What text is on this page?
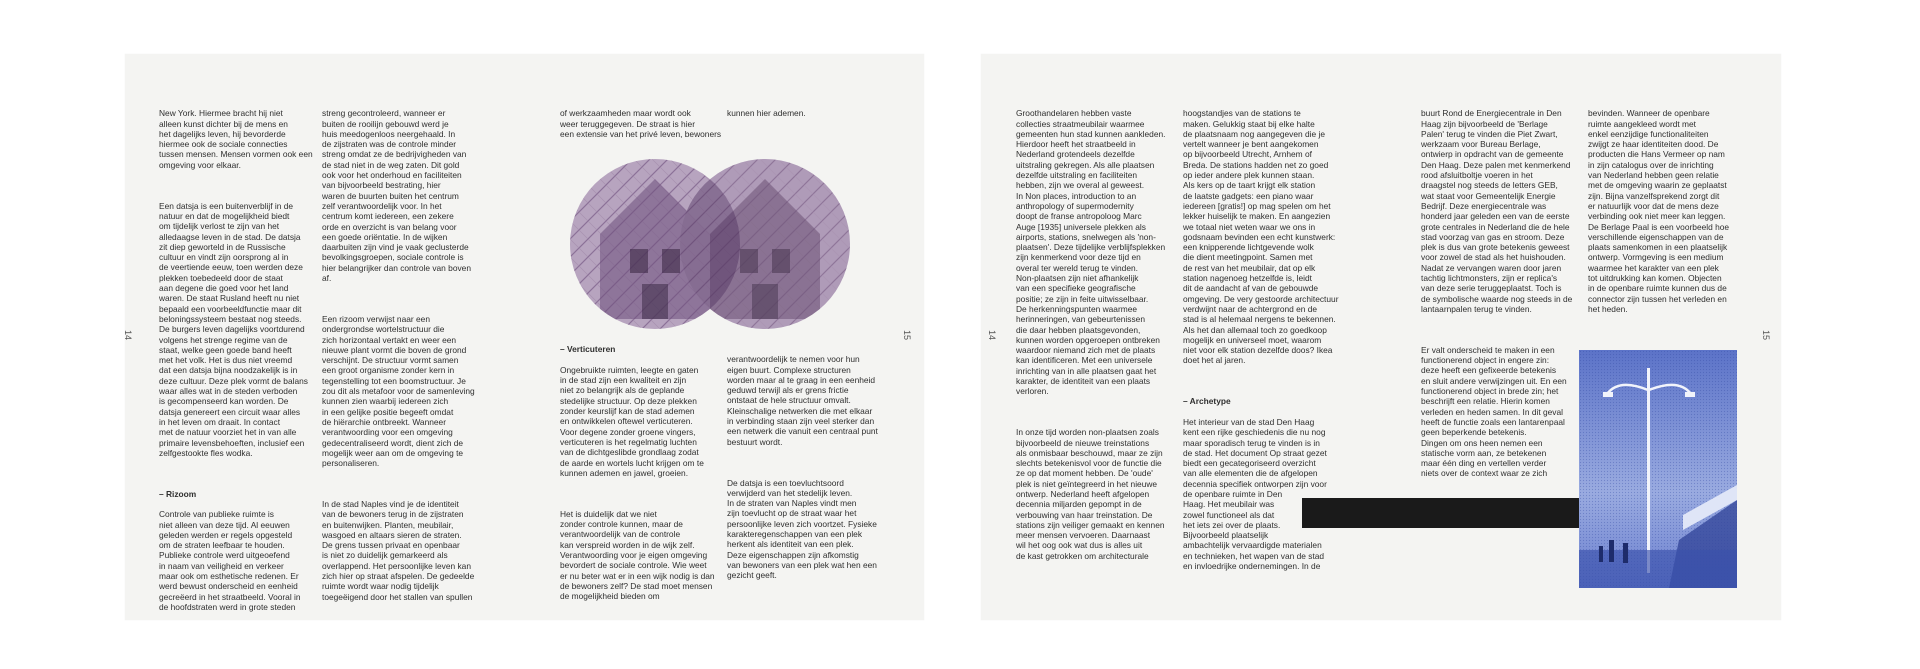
14	15

New York. Hiermee bracht hij niet
alleen kunst dichter bij de mens en
het dagelijks leven, hij bevorderde
hiermee ook de sociale connecties
tussen mensen. Mensen vormen ook een
omgeving voor elkaar.

Een datsja is een buitenverblijf in de
natuur en dat de mogelijkheid biedt
om tijdelijk verlost te zijn van het
alledaagse leven in de stad. De datsja
zit diep geworteld in de Russische
cultuur en vindt zijn oorsprong al in
de veertiende eeuw, toen werden deze
plekken toebedeeld door de staat
aan degene die goed voor het land
waren. De staat Rusland heeft nu niet
bepaald een voorbeeldfunctie maar dit
beloningssysteem bestaat nog steeds.
De burgers leven dagelijks voortdurend
volgens het strenge regime van de
staat, welke geen goede band heeft
met het volk. Het is dus niet vreemd
dat een datsja bijna noodzakelijk is in
deze cultuur. Deze plek vormt de balans
waar alles wat in de steden verboden
is gecompenseerd kan worden. De
datsja genereert een circuit waar alles
in het leven om draait. In contact
met de natuur voorziet het in van alle
primaire levensbehoeften, inclusief een
zelfgestookte fles wodka.

– Rizoom

Controle van publieke ruimte is
niet alleen van deze tijd. Al eeuwen
geleden werden er regels opgesteld
om de straten leefbaar te houden.
Publieke controle werd uitgeoefend
in naam van veiligheid en verkeer
maar ook om esthetische redenen. Er
werd bewust onderscheid en eenheid
gecreëerd in het straatbeeld. Vooral in
de hoofdstraten werd in grote steden

streng gecontroleerd, wanneer er
buiten de rooilijn gebouwd werd je
huis meedogenloos neergehaald. In
de zijstraten was de controle minder
streng omdat ze de bedrijvigheden van
de stad niet in de weg zaten. Dit gold
ook voor het onderhoud en faciliteiten
van bijvoorbeeld bestrating, hier
waren de buurten buiten het centrum
zelf verantwoordelijk voor. In het
centrum komt iedereen, een zekere
orde en overzicht is van belang voor
een goede oriëntatie. In de wijken
daarbuiten zijn vind je vaak geclusterde
bevolkingsgroepen, sociale controle is
hier belangrijker dan controle van boven
af.

Een rizoom verwijst naar een
ondergrondse wortelstructuur die
zich horizontaal vertakt en weer een
nieuwe plant vormt die boven de grond
verschijnt. De structuur vormt samen
een groot organisme zonder kern in
tegenstelling tot een boomstructuur. Je
zou dit als metafoor voor de samenleving
kunnen zien waarbij iedereen zich
in een gelijke positie begeeft omdat
de hiërarchie ontbreekt. Wanneer
verantwoording voor een omgeving
gedecentraliseerd wordt, dient zich de
mogelijk weer aan om de omgeving te
personaliseren.

In de stad Naples vind je de identiteit
van de bewoners terug in de zijstraten
en buitenwijken. Planten, meubilair,
wasgoed en altaars sieren de straten.
De grens tussen privaat en openbaar
is niet zo duidelijk gemarkeerd als
overlappend. Het persoonlijke leven kan
zich hier op straat afspelen. De gedeelde
ruimte wordt waar nodig tijdelijk
toegeëigend door het stallen van spullen

of werkzaamheden maar wordt ook
weer teruggegeven. De straat is hier
een extensie van het privé leven, bewoners

kunnen hier ademen.

– Verticuteren

Ongebruikte ruimten, leegte en gaten
in de stad zijn een kwaliteit en zijn
niet zo belangrijk als de geplande
stedelijke structuur. Op deze plekken
zonder keurslijf kan de stad ademen
en ontwikkelen oftewel verticuteren.
Voor degene zonder groene vingers,
verticuteren is het regelmatig luchten
van de dichtgeslibde grondlaag zodat
de aarde en wortels lucht krijgen om te
kunnen ademen en jawel, groeien.

Het is duidelijk dat we niet
zonder controle kunnen, maar de
verantwoordelijk van de controle
kan verspreid worden in de wijk zelf.
Verantwoording voor je eigen omgeving
bevordert de sociale controle. Wie weet
er nu beter wat er in een wijk nodig is dan
de bewoners zelf? De stad moet mensen
de mogelijkheid bieden om

verantwoordelijk te nemen voor hun
eigen buurt. Complexe structuren
worden maar al te graag in een eenheid
geduwd terwijl als er grens frictie
ontstaat de hele structuur omvalt.
Kleinschalige netwerken die met elkaar
in verbinding staan zijn veel sterker dan
een netwerk die vanuit een centraal punt
bestuurt wordt.

De datsja is een toevluchtsoord
verwijderd van het stedelijk leven.
In de straten van Naples vindt men
zijn toevlucht op de straat waar het
persoonlijke leven zich voortzet. Fysieke
karakteregenschappen van een plek
herkent als identiteit van een plek.
Deze eigenschappen zijn afkomstig
van bewoners van een plek wat hen een
gezicht geeft.

14	15

Groothandelaren hebben vaste
collecties straatmeubilair waarmee
gemeenten hun stad kunnen aankleden.
Hierdoor heeft het straatbeeld in
Nederland grotendeels dezelfde
uitstraling gekregen. Als alle plaatsen
dezelfde uitstraling en faciliteiten
hebben, zijn we overal al geweest.
In Non places, introduction to an
anthropology of supermodernity
doopt de franse antropoloog Marc
Auge [1935] universele plekken als
airports, stations, snelwegen als 'non-
plaatsen'. Deze tijdelijke verblijfsplekken
zijn kenmerkend voor deze tijd en
overal ter wereld terug te vinden.
Non-plaatsen zijn niet afhankelijk
van een specifieke geografische
positie; ze zijn in feite uitwisselbaar.
De herkenningspunten waarmee
herinneringen, van gebeurtenissen
die daar hebben plaatsgevonden,
kunnen worden opgeroepen ontbreken
waardoor niemand zich met de plaats
kan identificeren. Met een universele
inrichting van in alle plaatsen gaat het
karakter, de identiteit van een plaats
verloren.

In onze tijd worden non-plaatsen zoals
bijvoorbeeld de nieuwe treinstations
als onmisbaar beschouwd, maar ze zijn
slechts betekenisvol voor de functie die
ze op dat moment hebben. De 'oude'
plek is niet geïntegreerd in het nieuwe
ontwerp. Nederland heeft afgelopen
decennia miljarden gepompt in de
verbouwing van haar treinstation. De
stations zijn veiliger gemaakt en kennen
meer mensen vervoeren. Daarnaast
wil het oog ook wat dus is alles uit
de kast getrokken om architecturale

hoogstandjes van de stations te
maken. Gelukkig staat bij elke halte
de plaatsnaam nog aangegeven die je
vertelt wanneer je bent aangekomen
op bijvoorbeeld Utrecht, Arnhem of
Breda. De stations hadden net zo goed
op ieder andere plek kunnen staan.
Als kers op de taart krijgt elk station
de laatste gadgets: een piano waar
iedereen [gratis!] op mag spelen om het
lekker huiselijk te maken. En aangezien
we totaal niet weten waar we ons in
godsnaam bevinden een echt kunstwerk:
een knipperende lichtgevende wolk
die dient meetingpoint. Samen met
de rest van het meubilair, dat op elk
station nagenoeg hetzelfde is, leidt
dit de aandacht af van de gebouwde
omgeving. De very gestoorde architectuur
verdwijnt naar de achtergrond en de
stad is al helemaal nergens te bekennen.
Als het dan allemaal toch zo goedkoop
mogelijk en universeel moet, waarom
niet voor elk station dezelfde doos? Ikea
doet het al jaren.

– Archetype

Het interieur van de stad Den Haag
kent een rijke geschiedenis die nu nog
maar sporadisch terug te vinden is in
de stad. Het document Op straat gezet
biedt een gecategoriseerd overzicht
van alle elementen die de afgelopen
decennia specifiek ontworpen zijn voor
de openbare ruimte in Den
Haag. Het meubilair was
zowel functioneel als dat
het iets zei over de plaats.
Bijvoorbeeld plaatselijk
ambachtelijk vervaardigde materialen
en technieken, het wapen van de stad
en invloedrijke ondernemingen. In de

buurt Rond de Energiecentrale in Den
Haag zijn bijvoorbeeld de 'Berlage
Palen' terug te vinden die Piet Zwart,
werkzaam voor Bureau Berlage,
ontwierp in opdracht van de gemeente
Den Haag. Deze palen met kenmerkend
rood afsluitboltje voeren in het
draagstel nog steeds de letters GEB,
wat staat voor Gemeentelijk Energie
Bedrijf. Deze energiecentrale was
honderd jaar geleden een van de eerste
grote centrales in Nederland die de hele
stad voorzag van gas en stroom. Deze
plek is dus van grote betekenis geweest
voor zowel de stad als het huishouden.
Nadat ze vervangen waren door jaren
tachtig lichtmonsters, zijn er replica's
van deze serie teruggeplaatst. Toch is
de symbolische waarde nog steeds in de
lantaarnpalen terug te vinden.

Er valt onderscheid te maken in een
functionerend object in engere zin:
deze heeft een gefixeerde betekenis
en sluit andere verwijzingen uit. En een
functionerend object in brede zin; het
beschrijft een relatie. Hierin komen
verleden en heden samen. In dit geval
heeft de functie zoals een lantarenpaal
geen beperkende betekenis.
Dingen om ons heen nemen een
statische vorm aan, ze betekenen
maar één ding en vertellen verder
niets over de context waar ze zich

bevinden. Wanneer de openbare
ruimte aangekleed wordt met
enkel eenzijdige functionaliteiten
zwijgt ze haar identiteiten dood. De
producten die Hans Vermeer op nam
in zijn catalogus over de inrichting
van Nederland hebben geen relatie
met de omgeving waarin ze geplaatst
zijn. Bijna vanzelfsprekend zorgt dit
er natuurlijk voor dat de mens deze
verbinding ook niet meer kan leggen.
De Berlage Paal is een voorbeeld hoe
verschillende eigenschappen van de
plaats samenkomen in een plaatselijk
ontwerp. Vormgeving is een medium
waarmee het karakter van een plek
tot uitdrukking kan komen. Objecten
in de openbare ruimte kunnen dus de
connector zijn tussen het verleden en
het heden.
